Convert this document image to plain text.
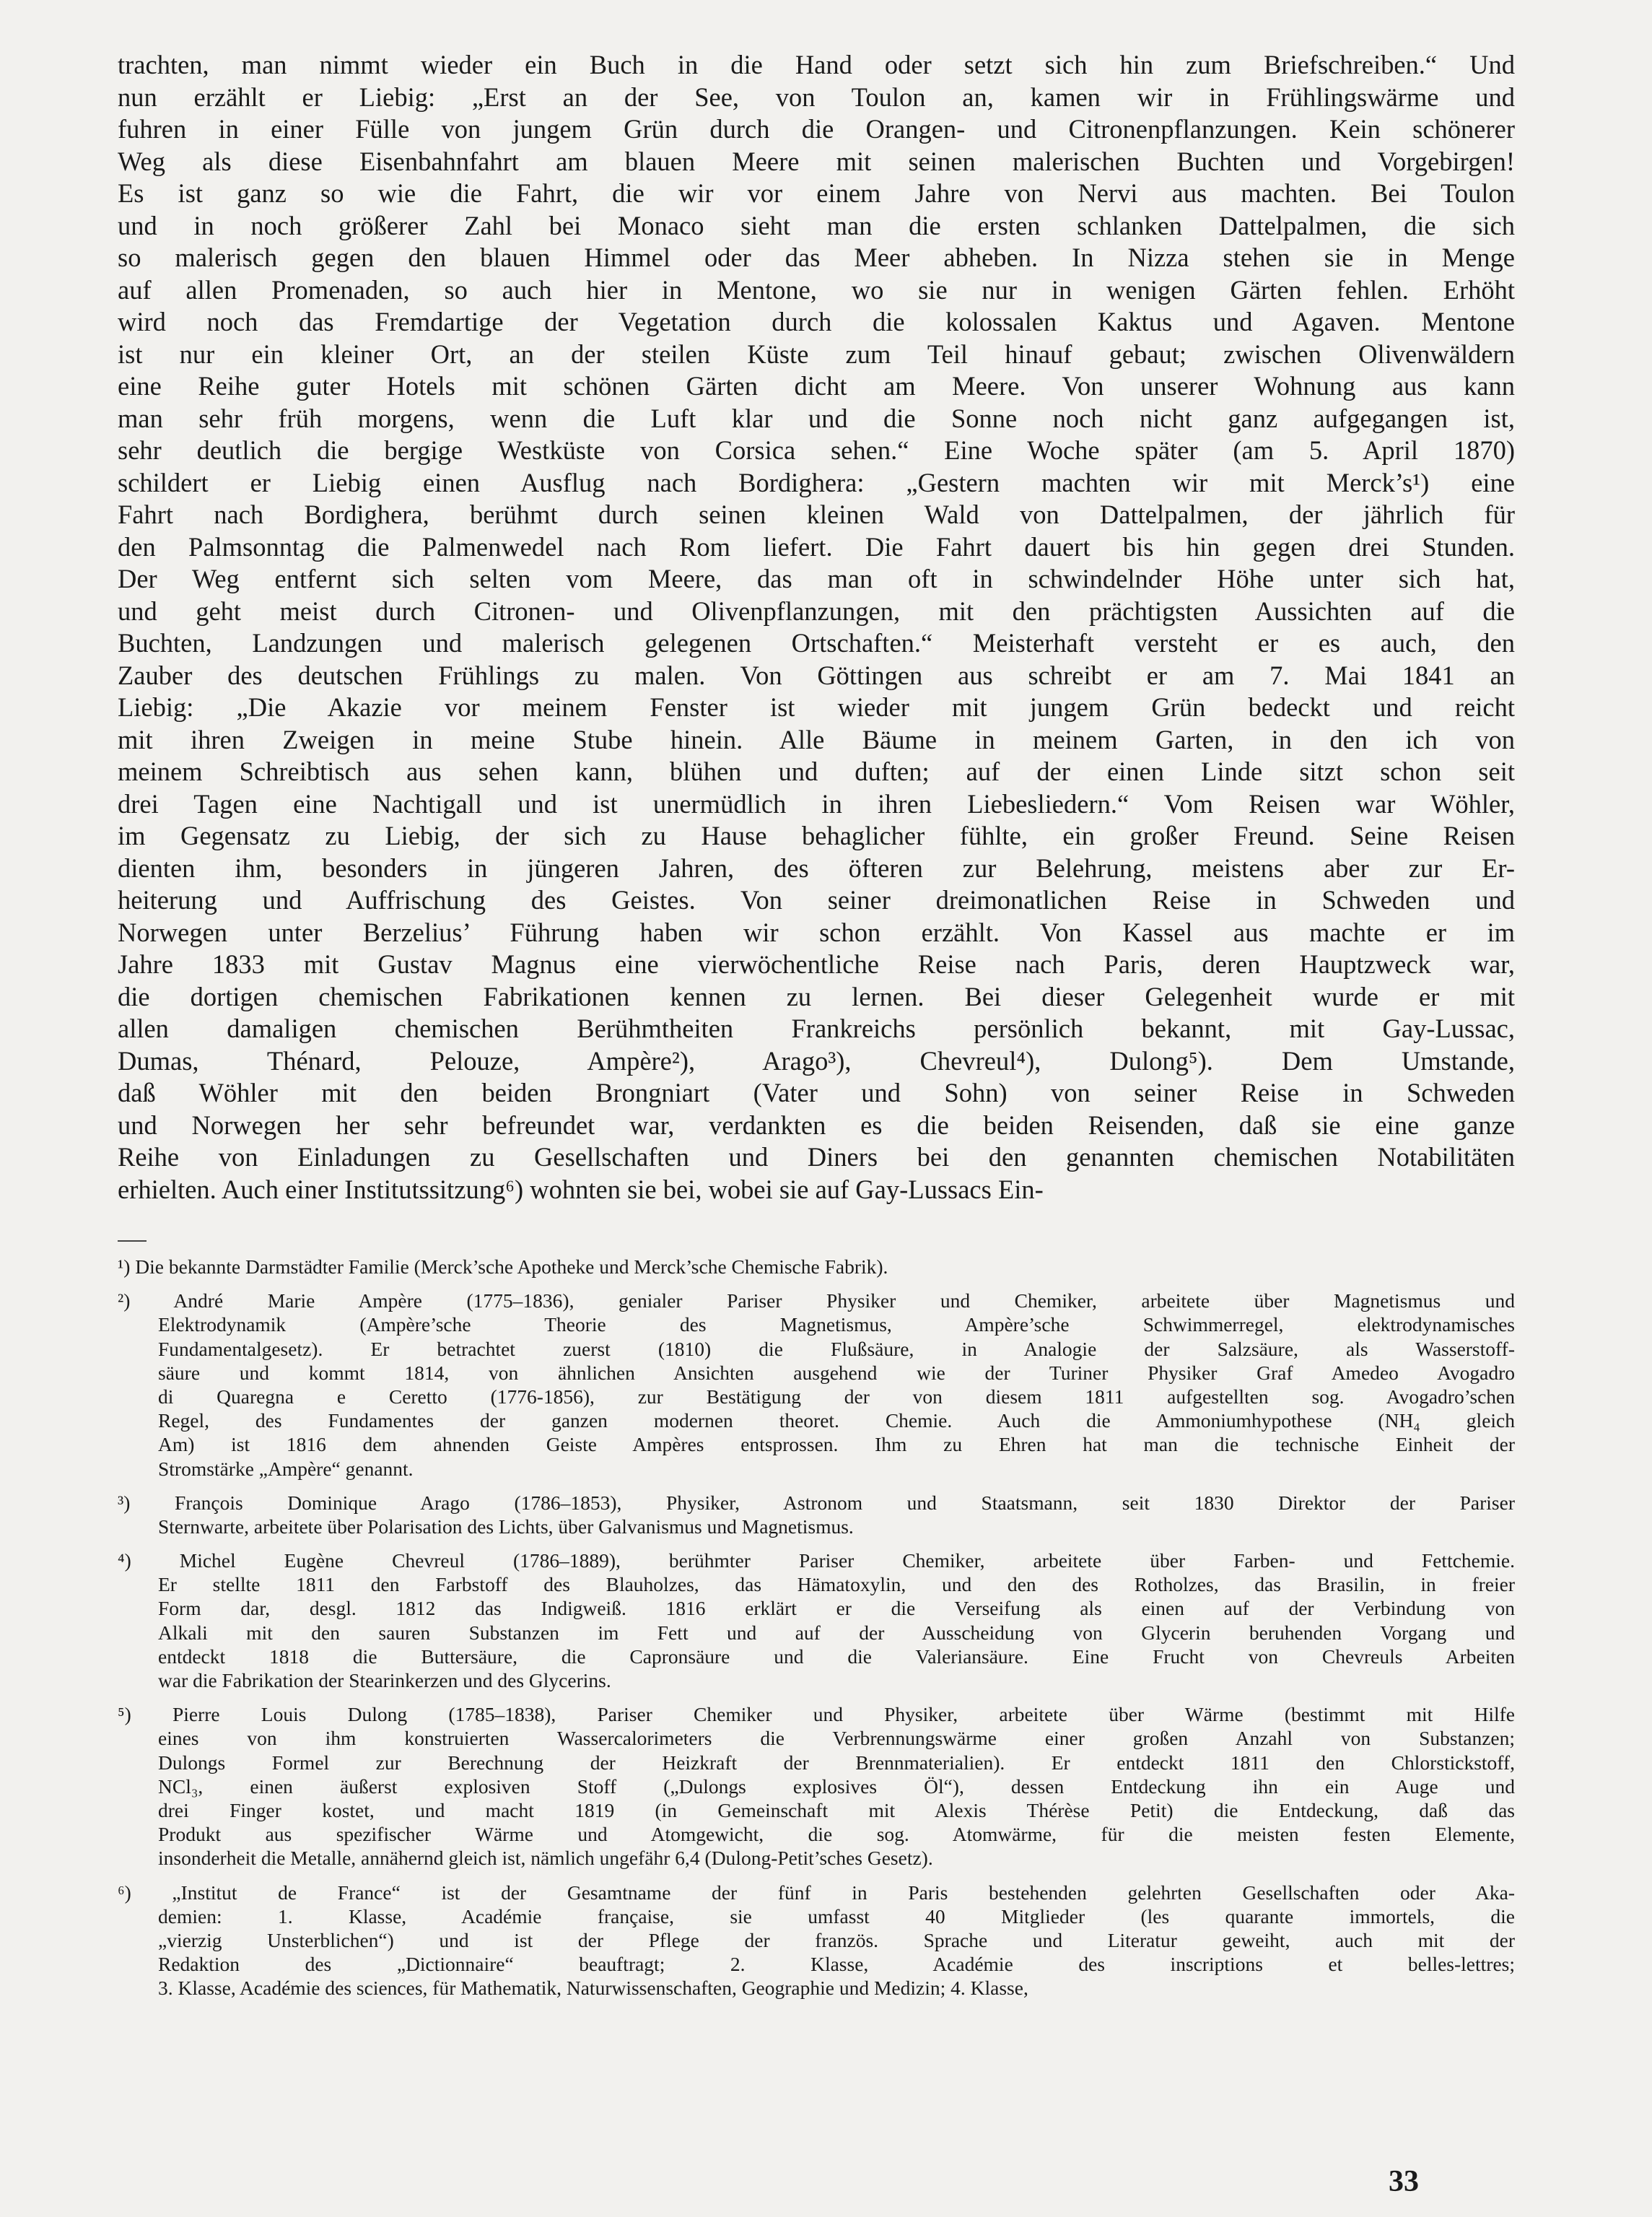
trachten, man nimmt wieder ein Buch in die Hand oder setzt sich hin zum Briefschreiben.“ Und
nun erzählt er Liebig: „Erst an der See, von Toulon an, kamen wir in Frühlingswärme und
fuhren in einer Fülle von jungem Grün durch die Orangen- und Citronenpflanzungen. Kein schönerer
Weg als diese Eisenbahnfahrt am blauen Meere mit seinen malerischen Buchten und Vorgebirgen!
Es ist ganz so wie die Fahrt, die wir vor einem Jahre von Nervi aus machten. Bei Toulon
und in noch größerer Zahl bei Monaco sieht man die ersten schlanken Dattelpalmen, die sich
so malerisch gegen den blauen Himmel oder das Meer abheben. In Nizza stehen sie in Menge
auf allen Promenaden, so auch hier in Mentone, wo sie nur in wenigen Gärten fehlen. Erhöht
wird noch das Fremdartige der Vegetation durch die kolossalen Kaktus und Agaven. Mentone
ist nur ein kleiner Ort, an der steilen Küste zum Teil hinauf gebaut; zwischen Olivenwäldern
eine Reihe guter Hotels mit schönen Gärten dicht am Meere. Von unserer Wohnung aus kann
man sehr früh morgens, wenn die Luft klar und die Sonne noch nicht ganz aufgegangen ist,
sehr deutlich die bergige Westküste von Corsica sehen.“ Eine Woche später (am 5. April 1870)
schildert er Liebig einen Ausflug nach Bordighera: „Gestern machten wir mit Merck’s¹) eine
Fahrt nach Bordighera, berühmt durch seinen kleinen Wald von Dattelpalmen, der jährlich für
den Palmsonntag die Palmenwedel nach Rom liefert. Die Fahrt dauert bis hin gegen drei Stunden.
Der Weg entfernt sich selten vom Meere, das man oft in schwindelnder Höhe unter sich hat,
und geht meist durch Citronen- und Olivenpflanzungen, mit den prächtigsten Aussichten auf die
Buchten, Landzungen und malerisch gelegenen Ortschaften.“ Meisterhaft versteht er es auch, den
Zauber des deutschen Frühlings zu malen. Von Göttingen aus schreibt er am 7. Mai 1841 an
Liebig: „Die Akazie vor meinem Fenster ist wieder mit jungem Grün bedeckt und reicht
mit ihren Zweigen in meine Stube hinein. Alle Bäume in meinem Garten, in den ich von
meinem Schreibtisch aus sehen kann, blühen und duften; auf der einen Linde sitzt schon seit
drei Tagen eine Nachtigall und ist unermüdlich in ihren Liebesliedern.“ Vom Reisen war Wöhler,
im Gegensatz zu Liebig, der sich zu Hause behaglicher fühlte, ein großer Freund. Seine Reisen
dienten ihm, besonders in jüngeren Jahren, des öfteren zur Belehrung, meistens aber zur Er-
heiterung und Auffrischung des Geistes. Von seiner dreimonatlichen Reise in Schweden und
Norwegen unter Berzelius’ Führung haben wir schon erzählt. Von Kassel aus machte er im
Jahre 1833 mit Gustav Magnus eine vierwöchentliche Reise nach Paris, deren Hauptzweck war,
die dortigen chemischen Fabrikationen kennen zu lernen. Bei dieser Gelegenheit wurde er mit
allen damaligen chemischen Berühmtheiten Frankreichs persönlich bekannt, mit Gay-Lussac,
Dumas, Thénard, Pelouze, Ampère²), Arago³), Chevreul⁴), Dulong⁵). Dem Umstande,
daß Wöhler mit den beiden Brongniart (Vater und Sohn) von seiner Reise in Schweden
und Norwegen her sehr befreundet war, verdankten es die beiden Reisenden, daß sie eine ganze
Reihe von Einladungen zu Gesellschaften und Diners bei den genannten chemischen Notabilitäten
erhielten. Auch einer Institutssitzung⁶) wohnten sie bei, wobei sie auf Gay-Lussacs Ein-
¹) Die bekannte Darmstädter Familie (Merck’sche Apotheke und Merck’sche Chemische Fabrik).
²) André Marie Ampère (1775–1836), genialer Pariser Physiker und Chemiker, arbeitete über Magnetismus und
Elektrodynamik (Ampère’sche Theorie des Magnetismus, Ampère’sche Schwimmerregel, elektrodynamisches
Fundamentalgesetz). Er betrachtet zuerst (1810) die Flußsäure, in Analogie der Salzsäure, als Wasserstoff-
säure und kommt 1814, von ähnlichen Ansichten ausgehend wie der Turiner Physiker Graf Amedeo Avogadro
di Quaregna e Ceretto (1776-1856), zur Bestätigung der von diesem 1811 aufgestellten sog. Avogadro’schen
Regel, des Fundamentes der ganzen modernen theoret. Chemie. Auch die Ammoniumhypothese (NH₄ gleich
Am) ist 1816 dem ahnenden Geiste Ampères entsprossen. Ihm zu Ehren hat man die technische Einheit der
Stromstärke „Ampère“ genannt.
³) François Dominique Arago (1786–1853), Physiker, Astronom und Staatsmann, seit 1830 Direktor der Pariser
Sternwarte, arbeitete über Polarisation des Lichts, über Galvanismus und Magnetismus.
⁴) Michel Eugène Chevreul (1786–1889), berühmter Pariser Chemiker, arbeitete über Farben- und Fettchemie.
Er stellte 1811 den Farbstoff des Blauholzes, das Hämatoxylin, und den des Rotholzes, das Brasilin, in freier
Form dar, desgl. 1812 das Indigweiß. 1816 erklärt er die Verseifung als einen auf der Verbindung von
Alkali mit den sauren Substanzen im Fett und auf der Ausscheidung von Glycerin beruhenden Vorgang und
entdeckt 1818 die Buttersäure, die Capronsäure und die Valeriansäure. Eine Frucht von Chevreuls Arbeiten
war die Fabrikation der Stearinkerzen und des Glycerins.
⁵) Pierre Louis Dulong (1785–1838), Pariser Chemiker und Physiker, arbeitete über Wärme (bestimmt mit Hilfe
eines von ihm konstruierten Wassercalorimeters die Verbrennungswärme einer großen Anzahl von Substanzen;
Dulongs Formel zur Berechnung der Heizkraft der Brennmaterialien). Er entdeckt 1811 den Chlorstickstoff,
NCl₃, einen äußerst explosiven Stoff („Dulongs explosives Öl“), dessen Entdeckung ihn ein Auge und
drei Finger kostet, und macht 1819 (in Gemeinschaft mit Alexis Thérèse Petit) die Entdeckung, daß das
Produkt aus spezifischer Wärme und Atomgewicht, die sog. Atomwärme, für die meisten festen Elemente,
insonderheit die Metalle, annähernd gleich ist, nämlich ungefähr 6,4 (Dulong-Petit’sches Gesetz).
⁶) „Institut de France“ ist der Gesamtname der fünf in Paris bestehenden gelehrten Gesellschaften oder Aka-
demien: 1. Klasse, Académie française, sie umfasst 40 Mitglieder (les quarante immortels, die
„vierzig Unsterblichen“) und ist der Pflege der französ. Sprache und Literatur geweiht, auch mit der
Redaktion des „Dictionnaire“ beauftragt; 2. Klasse, Académie des inscriptions et belles-lettres;
3. Klasse, Académie des sciences, für Mathematik, Naturwissenschaften, Geographie und Medizin; 4. Klasse,
33
